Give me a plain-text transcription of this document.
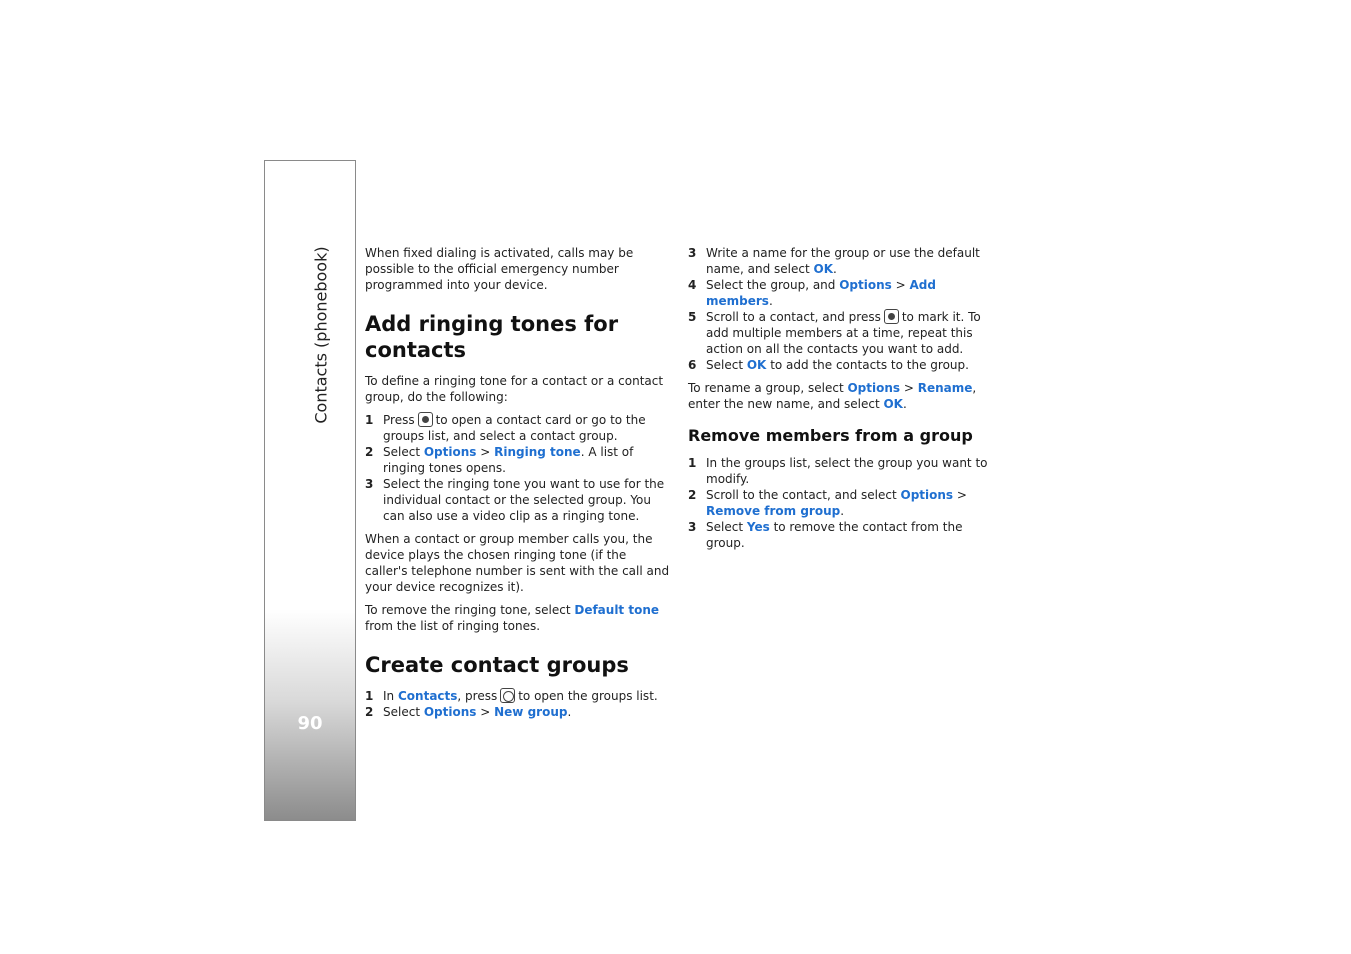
90
Contacts (phonebook)	When fixed dialing is activated, calls may be possible to the official emergency number programmed into your device.

Add ringing tones for contacts

To define a ringing tone for a contact or a contact group, do the following:

1 Press to open a contact card or go to the groups list, and select a contact group.
2 Select Options > Ringing tone. A list of ringing tones opens.
3 Select the ringing tone you want to use for the individual contact or the selected group. You can also use a video clip as a ringing tone.

When a contact or group member calls you, the device plays the chosen ringing tone (if the caller's telephone number is sent with the call and your device recognizes it).

To remove the ringing tone, select Default tone from the list of ringing tones.

Create contact groups
1 In Contacts, press to open the groups list.
2 Select Options > New group.
3 Write a name for the group or use the default name, and select OK.
4 Select the group, and Options > Add members.
5 Scroll to a contact, and press to mark it. To add multiple members at a time, repeat this action on all the contacts you want to add.
6 Select OK to add the contacts to the group.

To rename a group, select Options > Rename, enter the new name, and select OK.

Remove members from a group
1 In the groups list, select the group you want to modify.
2 Scroll to the contact, and select Options > Remove from group.
3 Select Yes to remove the contact from the group.
